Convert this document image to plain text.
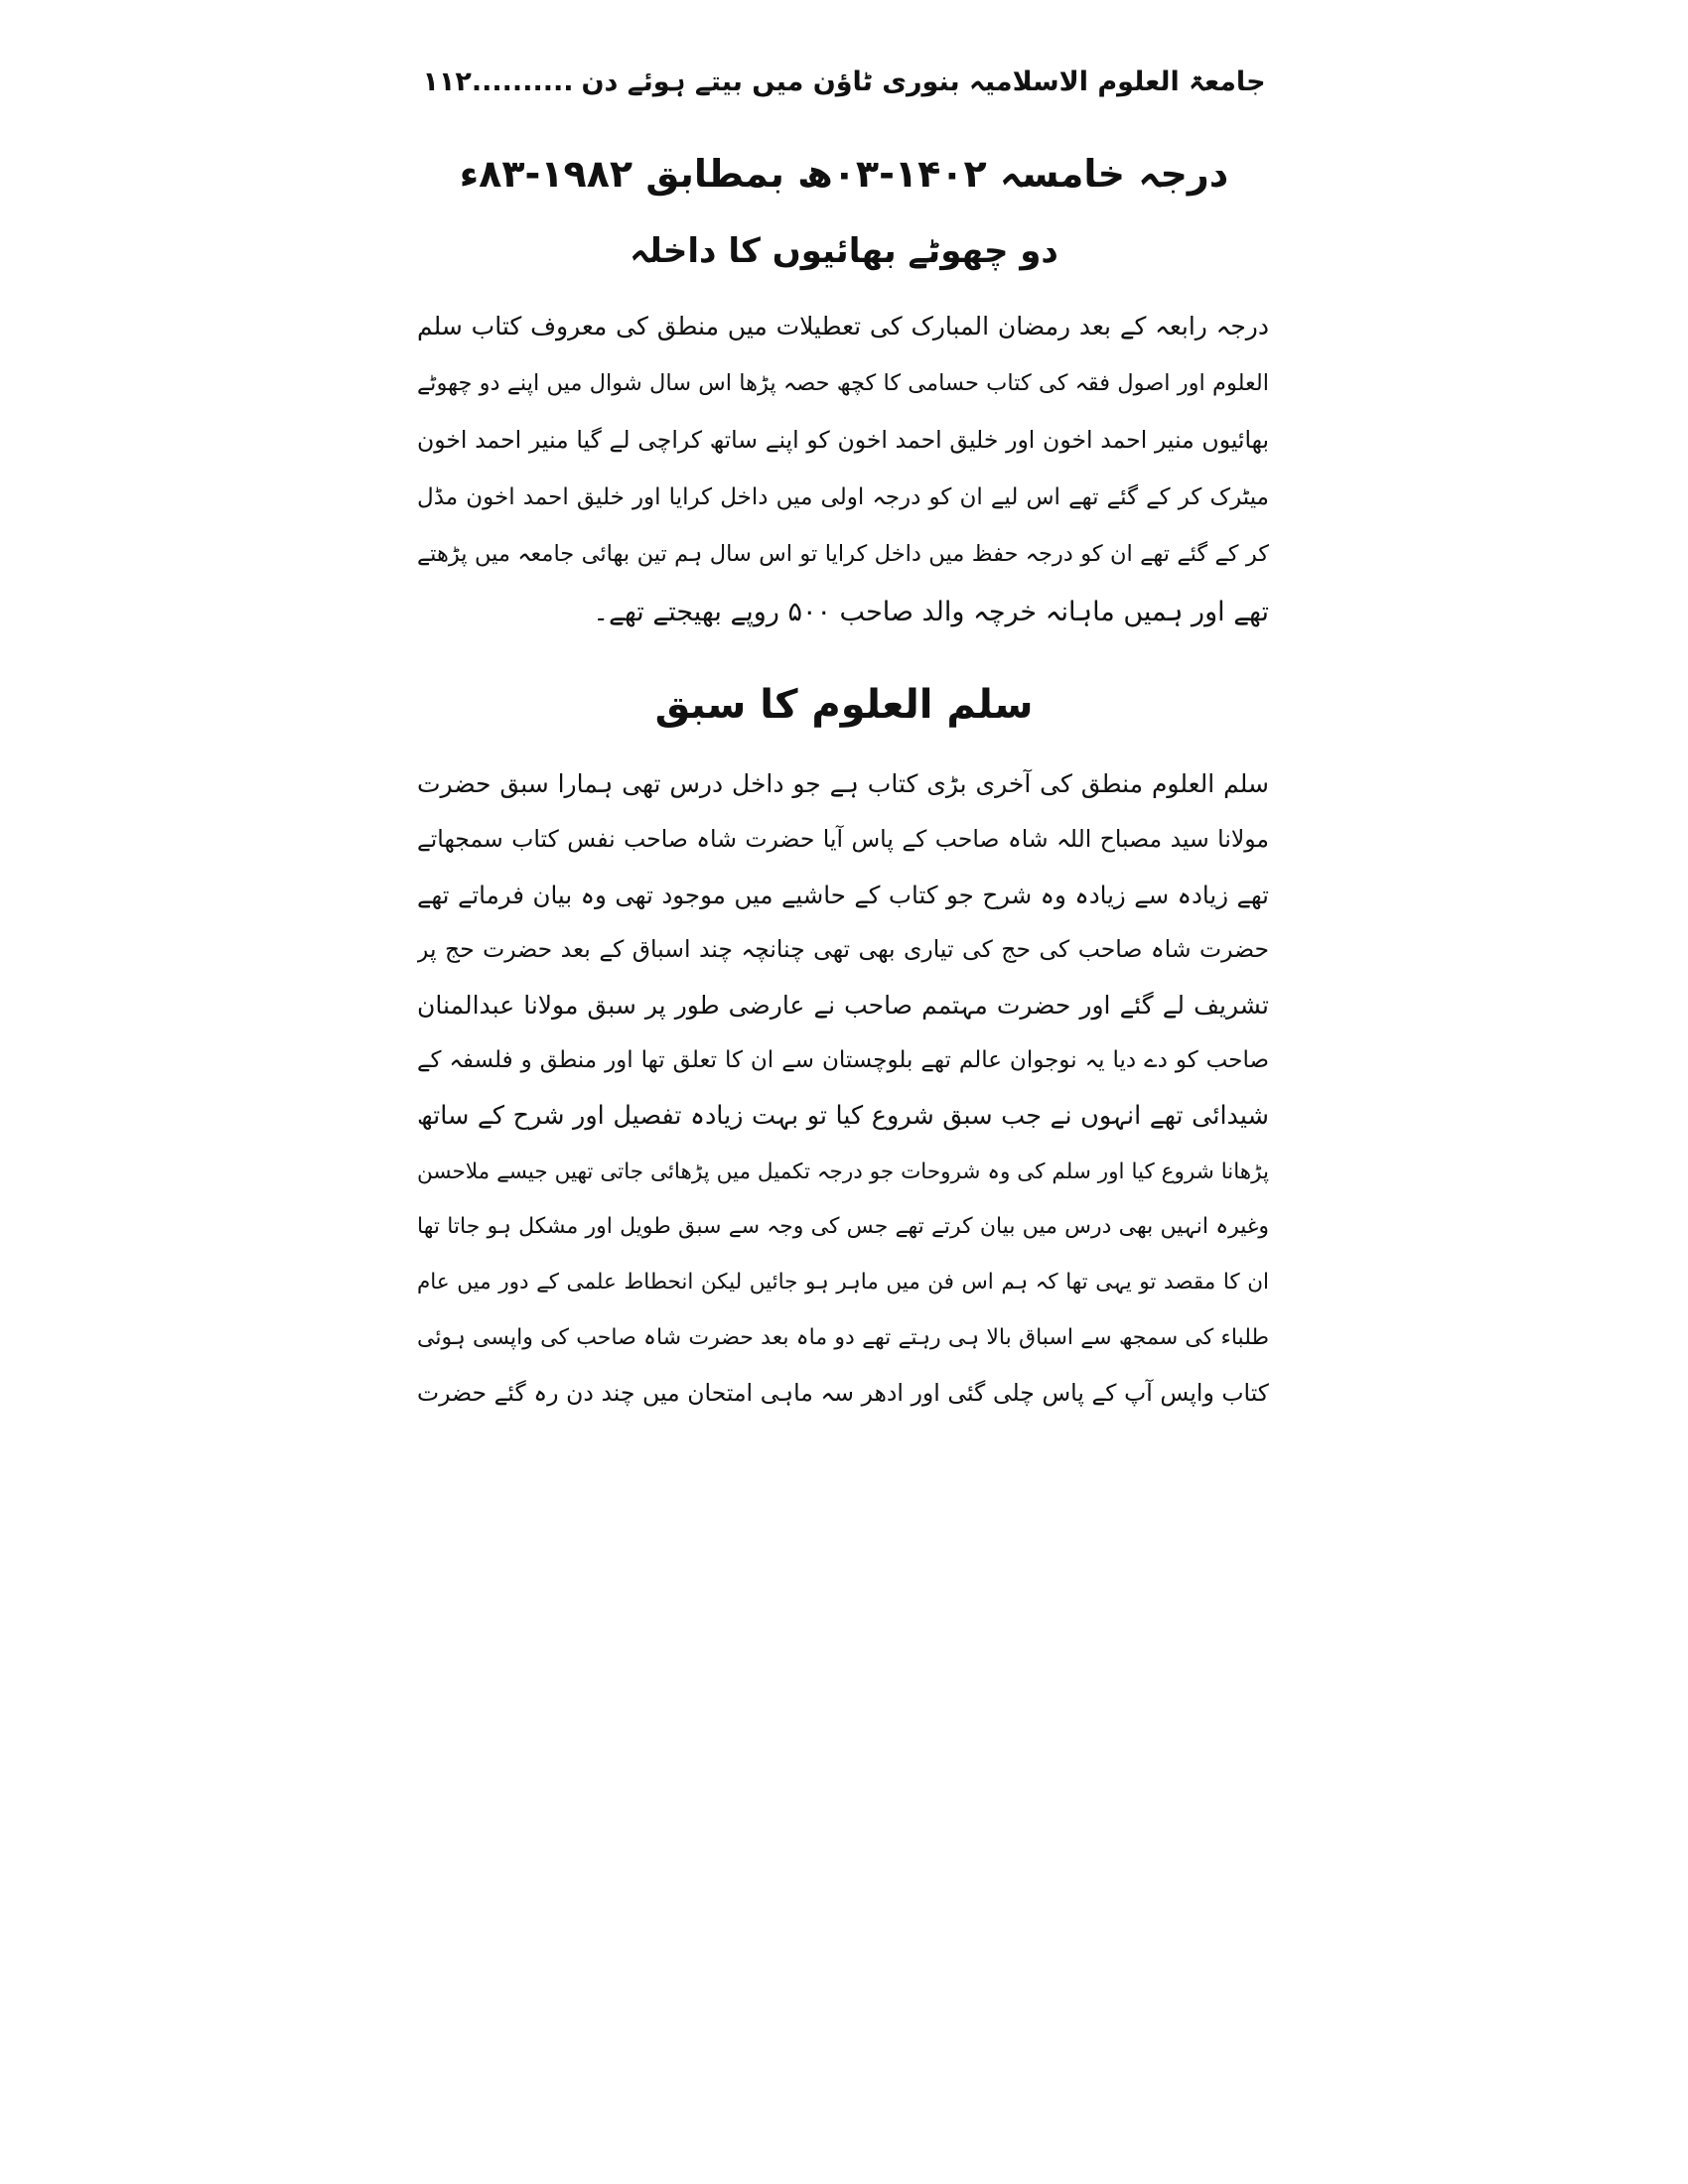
جامعۃ العلوم الاسلامیہ بنوری ٹاؤن میں بیتے ہوئے دن..........۱۱۲
درجہ خامسہ ۱۴۰۲-۰۳ھ بمطابق ۱۹۸۲-۸۳ء
دو چھوٹے بھائیوں کا داخلہ
درجہ رابعہ کے بعد رمضان المبارک کی تعطیلات میں منطق کی معروف کتاب سلم
العلوم اور اصول فقہ کی کتاب حسامی کا کچھ حصہ پڑھا اس سال شوال میں اپنے دو چھوٹے
بھائیوں منیر احمد اخون اور خلیق احمد اخون کو اپنے ساتھ کراچی لے گیا منیر احمد اخون
میٹرک کر کے گئے تھے اس لیے ان کو درجہ اولی میں داخل کرایا اور خلیق احمد اخون مڈل
کر کے گئے تھے ان کو درجہ حفظ میں داخل کرایا تو اس سال ہم تین بھائی جامعہ میں پڑھتے
تھے اور ہمیں ماہانہ خرچہ والد صاحب ۵۰۰ روپے بھیجتے تھے۔
سلم العلوم کا سبق
سلم العلوم منطق کی آخری بڑی کتاب ہے جو داخل درس تھی ہمارا سبق حضرت
مولانا سید مصباح اللہ شاہ صاحب کے پاس آیا حضرت شاہ صاحب نفس کتاب سمجھاتے
تھے زیادہ سے زیادہ وہ شرح جو کتاب کے حاشیے میں موجود تھی وہ بیان فرماتے تھے
حضرت شاہ صاحب کی حج کی تیاری بھی تھی چنانچہ چند اسباق کے بعد حضرت حج پر
تشریف لے گئے اور حضرت مہتمم صاحب نے عارضی طور پر سبق مولانا عبدالمنان
صاحب کو دے دیا یہ نوجوان عالم تھے بلوچستان سے ان کا تعلق تھا اور منطق و فلسفہ کے
شیدائی تھے انہوں نے جب سبق شروع کیا تو بہت زیادہ تفصیل اور شرح کے ساتھ
پڑھانا شروع کیا اور سلم کی وہ شروحات جو درجہ تکمیل میں پڑھائی جاتی تھیں جیسے ملاحسن
وغیرہ انہیں بھی درس میں بیان کرتے تھے جس کی وجہ سے سبق طویل اور مشکل ہو جاتا تھا
ان کا مقصد تو یہی تھا کہ ہم اس فن میں ماہر ہو جائیں لیکن انحطاط علمی کے دور میں عام
طلباء کی سمجھ سے اسباق بالا ہی رہتے تھے دو ماہ بعد حضرت شاہ صاحب کی واپسی ہوئی
کتاب واپس آپ کے پاس چلی گئی اور ادھر سہ ماہی امتحان میں چند دن رہ گئے حضرت
